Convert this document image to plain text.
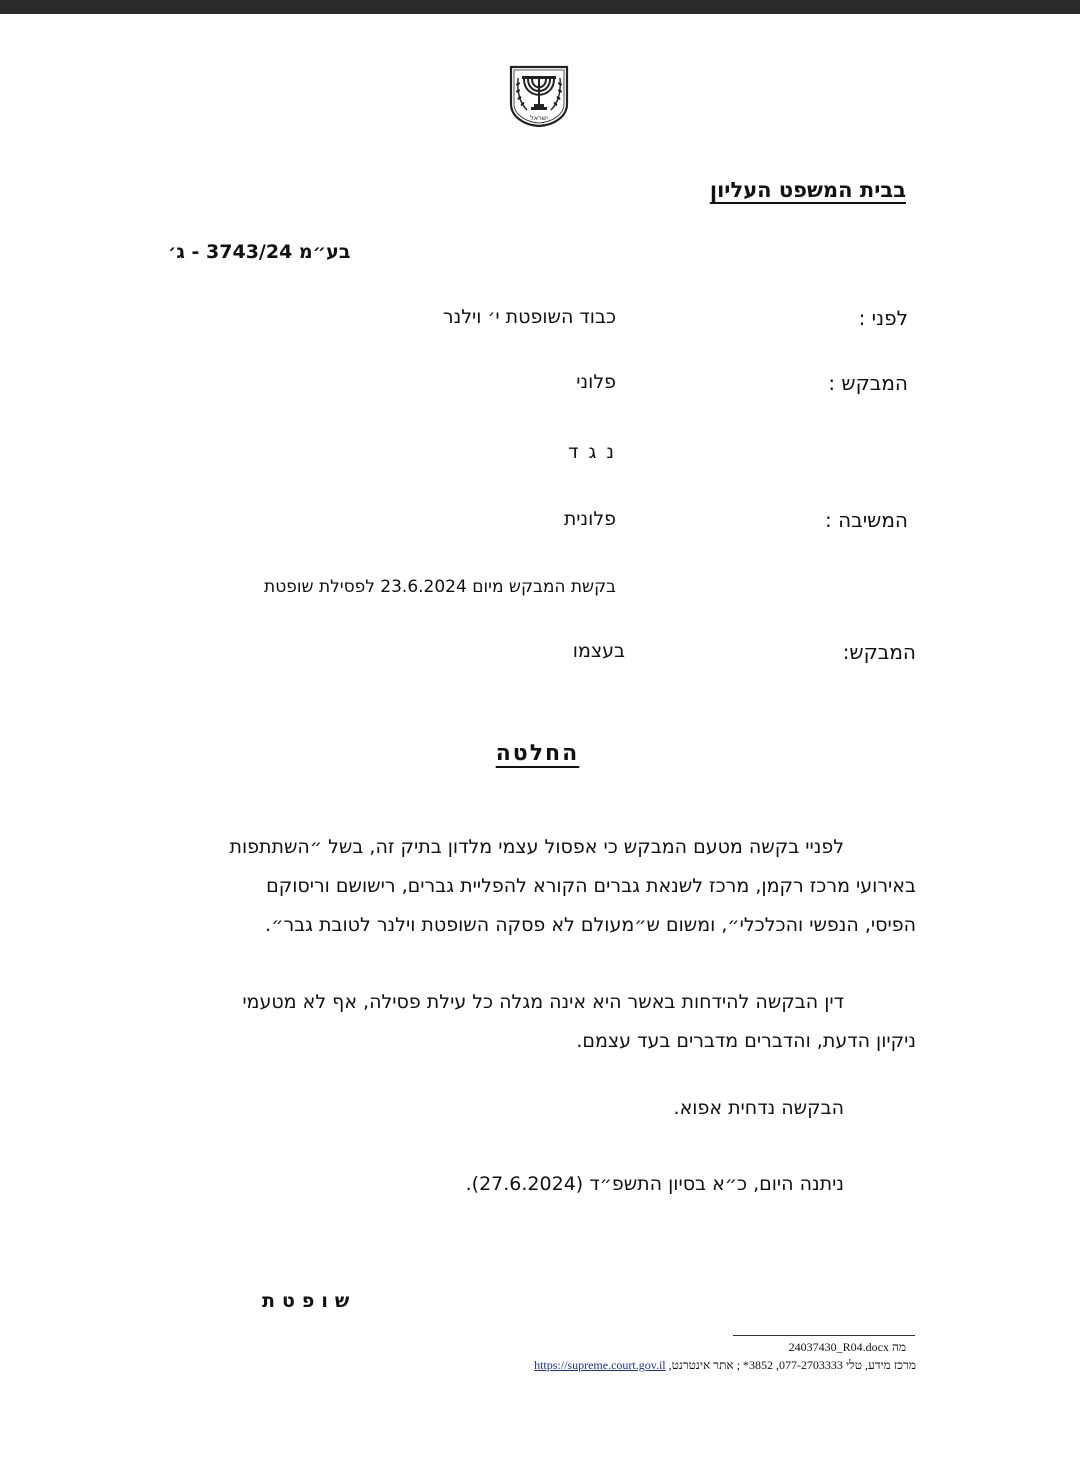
ישראל
בבית המשפט העליון
בע״מ 3743/24 - ג׳
לפני :
כבוד השופטת י׳ וילנר
המבקש :
פלוני
נ ג ד
המשיבה :
פלונית
בקשת המבקש מיום 23.6.2024 לפסילת שופטת
המבקש:
בעצמו
החלטה

לפניי בקשה מטעם המבקש כי אפסול עצמי מלדון בתיק זה, בשל ״השתתפות
באירועי מרכז רקמן, מרכז לשנאת גברים הקורא להפליית גברים, רישושם וריסוקם
הפיסי, הנפשי והכלכלי״, ומשום ש״מעולם לא פסקה השופטת וילנר לטובת גבר״.

דין הבקשה להידחות באשר היא אינה מגלה כל עילת פסילה, אף לא מטעמי
ניקיון הדעת, והדברים מדברים בעד עצמם.

הבקשה נדחית אפוא.
ניתנה היום, כ״א בסיון התשפ״ד (27.6.2024).
שופטת
24037430_R04.docx מה
מרכז מידע, טלי 077-2703333, 3852* ; אתר אינטרנט, https://supreme.court.gov.il
